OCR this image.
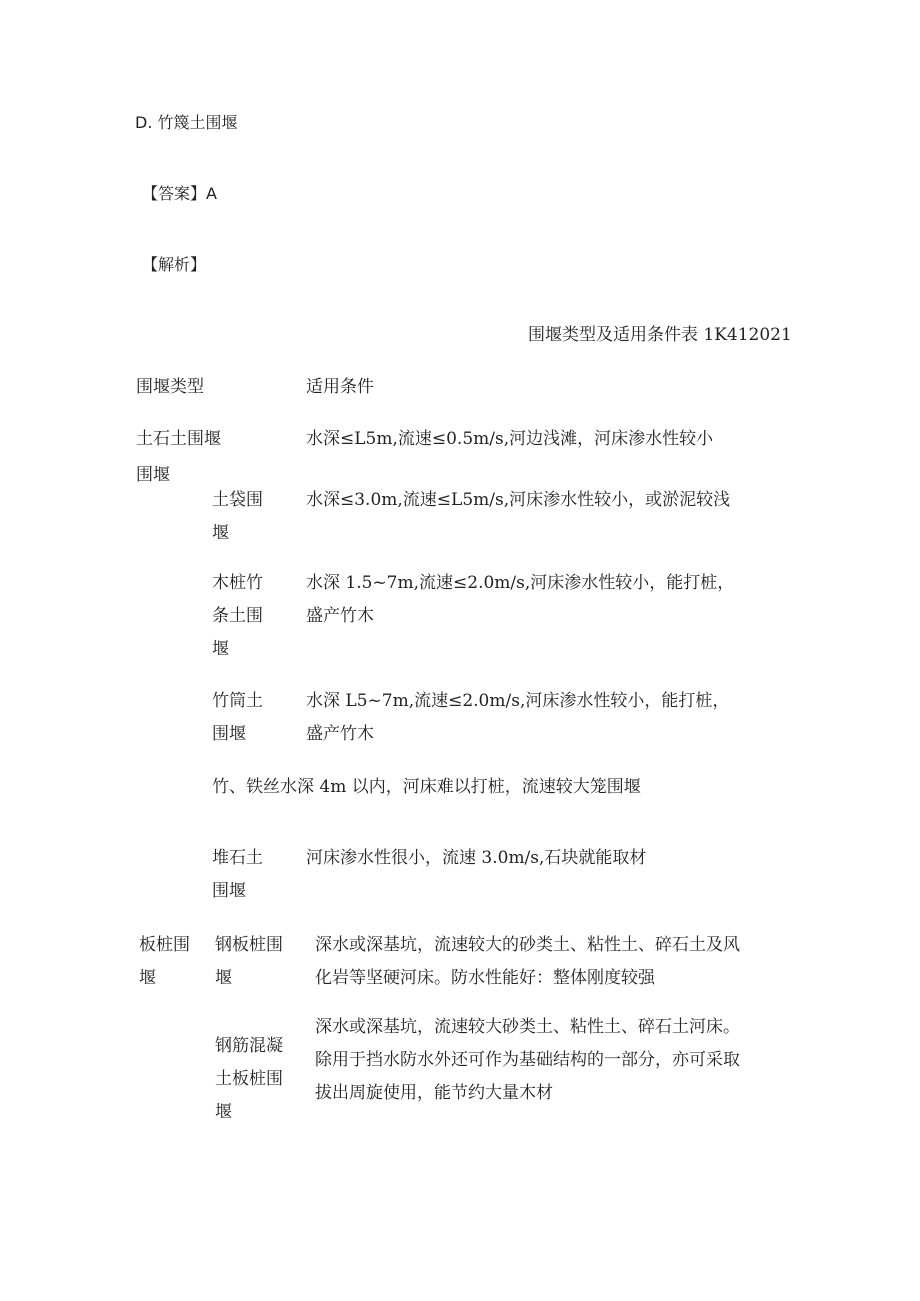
D. 竹篾土围堰
【答案】A
【解析】
围堰类型及适用条件表 1K412021
围堰类型	适用条件
土石土围堰	水深≤L5m,流速≤0.5m∕s,河边浅滩，河床渗水性较小
围堰
土袋围
堰
水深≤3.0m,流速≤L5m∕s,河床渗水性较小，或淤泥较浅
木桩竹
条土围
堰
水深 1.5~7m,流速≤2.0m∕s,河床渗水性较小，能打桩，
盛产竹木
竹筒土
围堰
水深 L5~7m,流速≤2.0m∕s,河床渗水性较小，能打桩，
盛产竹木
竹、铁丝水深 4m 以内，河床难以打桩，流速较大笼围堰
堆石土
围堰
河床渗水性很小，流速 3.0m∕s,石块就能取材
板桩围
堰
钢板桩围
堰
深水或深基坑，流速较大的砂类土、粘性土、碎石土及风
化岩等坚硬河床。防水性能好：整体刚度较强
钢筋混凝
土板桩围
堰
深水或深基坑，流速较大砂类土、粘性土、碎石土河床。
除用于挡水防水外还可作为基础结构的一部分，亦可采取
拔出周旋使用，能节约大量木材
